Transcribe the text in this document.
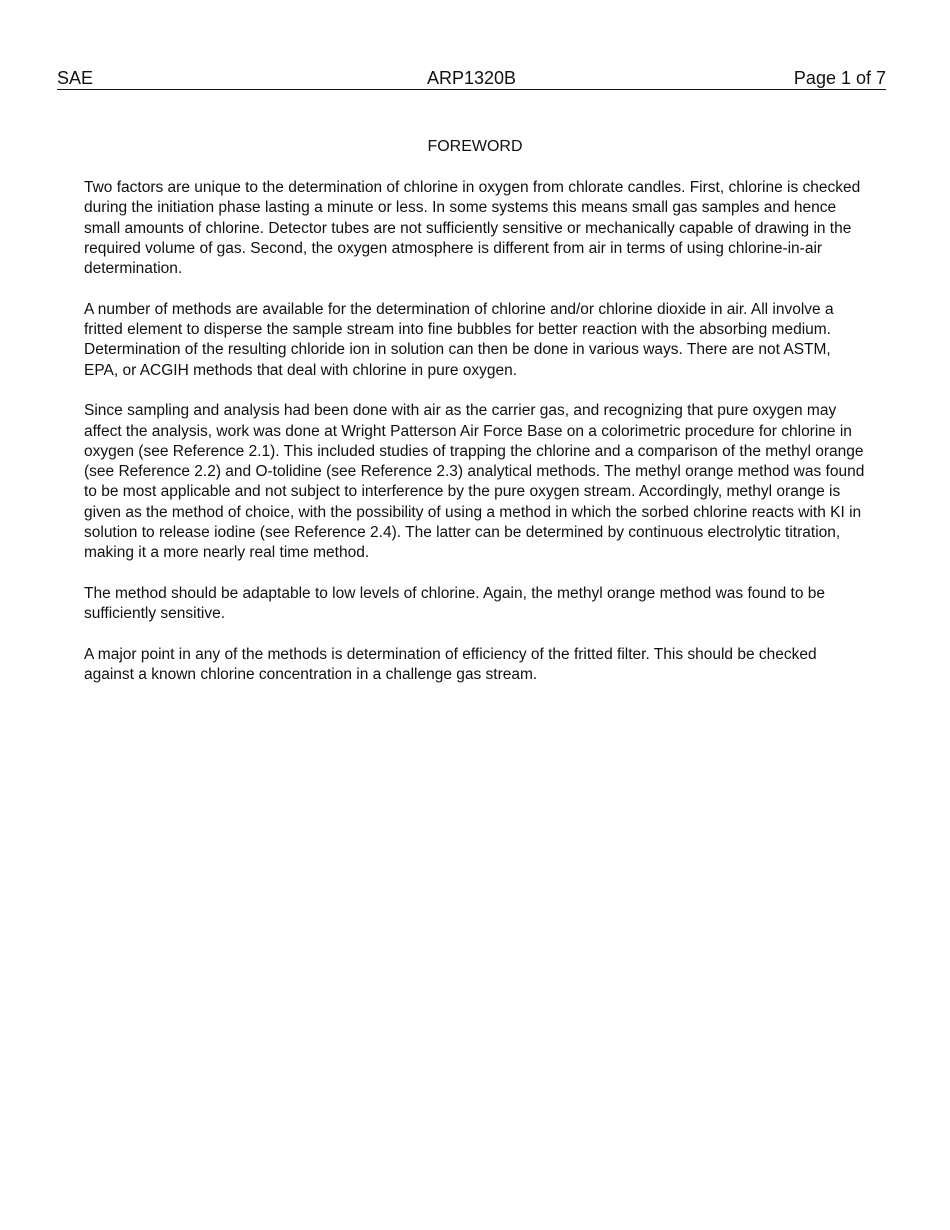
SAE	ARP1320B	Page 1 of 7
FOREWORD

Two factors are unique to the determination of chlorine in oxygen from chlorate candles. First, chlorine is checked during the initiation phase lasting a minute or less. In some systems this means small gas samples and hence small amounts of chlorine. Detector tubes are not sufficiently sensitive or mechanically capable of drawing in the required volume of gas. Second, the oxygen atmosphere is different from air in terms of using chlorine-in-air determination.

A number of methods are available for the determination of chlorine and/or chlorine dioxide in air. All involve a fritted element to disperse the sample stream into fine bubbles for better reaction with the absorbing medium. Determination of the resulting chloride ion in solution can then be done in various ways. There are not ASTM, EPA, or ACGIH methods that deal with chlorine in pure oxygen.

Since sampling and analysis had been done with air as the carrier gas, and recognizing that pure oxygen may affect the analysis, work was done at Wright Patterson Air Force Base on a colorimetric procedure for chlorine in oxygen (see Reference 2.1). This included studies of trapping the chlorine and a comparison of the methyl orange (see Reference 2.2) and O-tolidine (see Reference 2.3) analytical methods. The methyl orange method was found to be most applicable and not subject to interference by the pure oxygen stream. Accordingly, methyl orange is given as the method of choice, with the possibility of using a method in which the sorbed chlorine reacts with KI in solution to release iodine (see Reference 2.4). The latter can be determined by continuous electrolytic titration, making it a more nearly real time method.

The method should be adaptable to low levels of chlorine. Again, the methyl orange method was found to be sufficiently sensitive.

A major point in any of the methods is determination of efficiency of the fritted filter. This should be checked against a known chlorine concentration in a challenge gas stream.
